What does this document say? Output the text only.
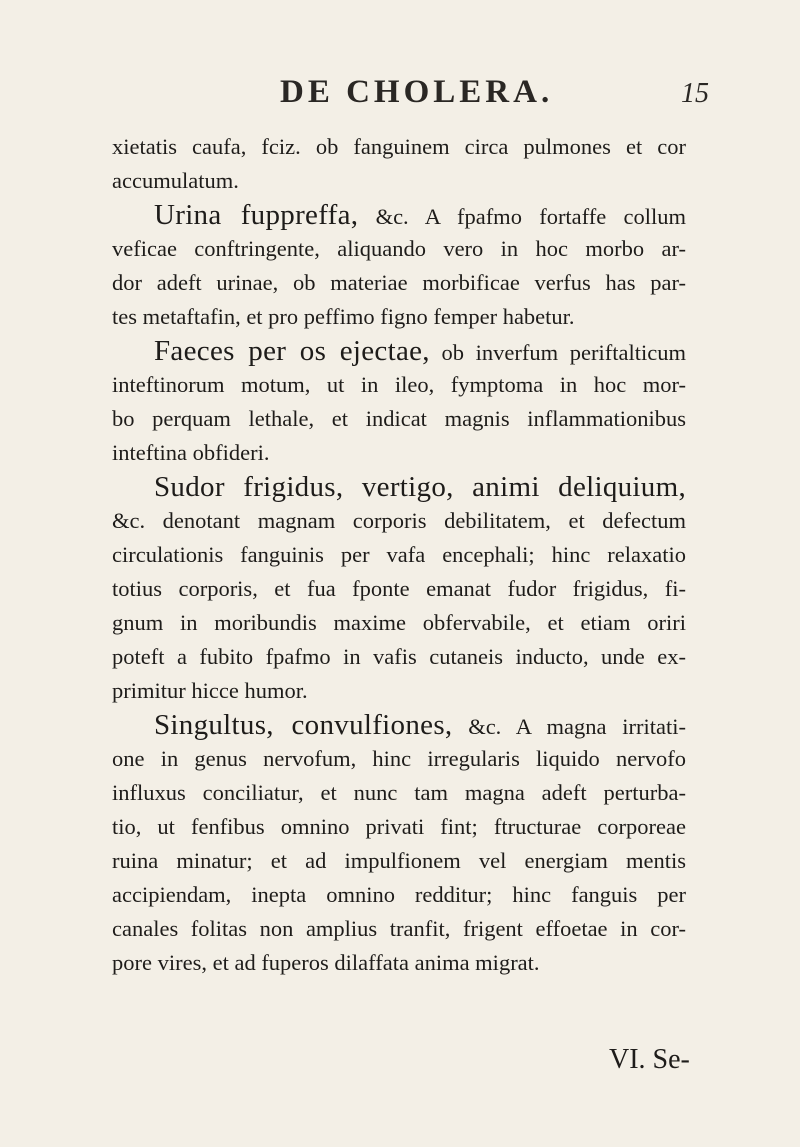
DE CHOLERA.	15
xietatis caufa, fciz. ob fanguinem circa pulmones et cor
accumulatum.
Urina fuppreffa, &c. A fpafmo fortaffe collum
veficae conftringente, aliquando vero in hoc morbo ar-
dor adeft urinae, ob materiae morbificae verfus has par-
tes metaftafin, et pro peffimo figno femper habetur.
Faeces per os ejectae, ob inverfum periftalticum
inteftinorum motum, ut in ileo, fymptoma in hoc mor-
bo perquam lethale, et indicat magnis inflammationibus
inteftina obfideri.
Sudor frigidus, vertigo, animi deliquium,
&c. denotant magnam corporis debilitatem, et defectum
circulationis fanguinis per vafa encephali; hinc relaxatio
totius corporis, et fua fponte emanat fudor frigidus, fi-
gnum in moribundis maxime obfervabile, et etiam oriri
poteft a fubito fpafmo in vafis cutaneis inducto, unde ex-
primitur hicce humor.
Singultus, convulfiones, &c. A magna irritati-
one in genus nervofum, hinc irregularis liquido nervofo
influxus conciliatur, et nunc tam magna adeft perturba-
tio, ut fenfibus omnino privati fint; ftructurae corporeae
ruina minatur; et ad impulfionem vel energiam mentis
accipiendam, inepta omnino redditur; hinc fanguis per
canales folitas non amplius tranfit, frigent effoetae in cor-
pore vires, et ad fuperos dilaffata anima migrat.
VI. Se-
